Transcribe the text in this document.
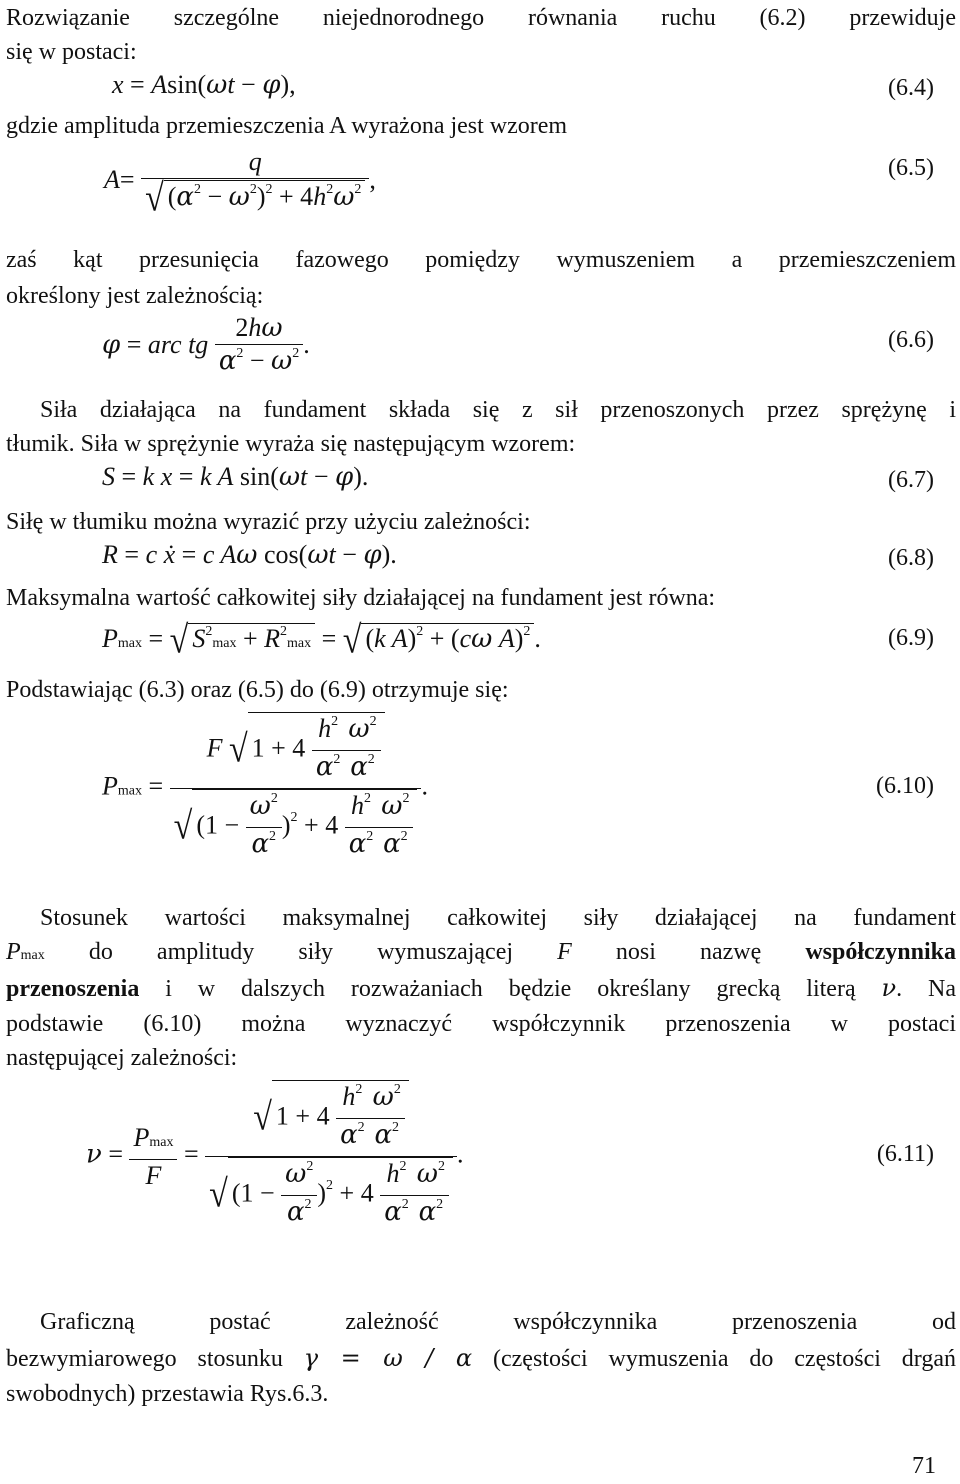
Rozwiązanie szczególne niejednorodnego równania ruchu (6.2) przewiduje
się w postaci:
x = Asin(ωt − φ),	(6.4)
gdzie amplituda przemieszczenia A wyrażona jest wzorem
$A= \frac{q}{√ (\alpha^2 - \omega^2)^2 + 4h^2\omega^2}$ ,	(6.5)
zaś kąt przesunięcia fazowego pomiędzy wymuszeniem a przemieszczeniem
określony jest zależnością:
φ = arc tg $\frac{2h\omega}{\alpha^2 - \omega^2}$ .	(6.6)
Siła działająca na fundament składa się z sił przenoszonych przez sprężynę i
tłumik. Siła w sprężynie wyraża się następującym wzorem:
S = k x = k A sin(ωt − φ).	(6.7)
Siłę w tłumiku można wyrazić przy użyciu zależności:
R = c ẋ = c Aω cos(ωt − φ).	(6.8)
Maksymalna wartość całkowitej siły działającej na fundament jest równa:
Pmax = √ $S^2\max + R^2\max$ = √ (k A)$^2$ + (cω A)$^2$ .	(6.9)
Podstawiając (6.3) oraz (6.5) do (6.9) otrzymuje się:
$Pmax = \frac{F √ 1 + 4 \frac{h^2}{\alpha^2} \frac{\omega^2}{\alpha^2}}{√ (1 - \frac{\omega^2}{\alpha^2} )^2 + 4 \frac{h^2}{\alpha^2} \frac{\omega^2}{\alpha^2}}$ .	(6.10)
Stosunek wartości maksymalnej całkowitej siły działającej na fundament
Pmax do amplitudy siły wymuszającej F nosi nazwę współczynnika
przenoszenia i w dalszych rozważaniach będzie określany grecką literą ν. Na
podstawie (6.10) można wyznaczyć współczynnik przenoszenia w postaci
następującej zależności:
$\nu = \frac{Pmax}{F} = \frac{√ 1 + 4 \frac{h^2}{\alpha^2} \frac{\omega^2}{\alpha^2}}{√ (1 - \frac{\omega^2}{\alpha^2} )^2 + 4 \frac{h^2}{\alpha^2} \frac{\omega^2}{\alpha^2}}$ .	(6.11)
Graficzną postać zależność współczynnika przenoszenia od
bezwymiarowego stosunku γ = ω / α (częstości wymuszenia do częstości drgań
swobodnych) przestawia Rys.6.3.
71
